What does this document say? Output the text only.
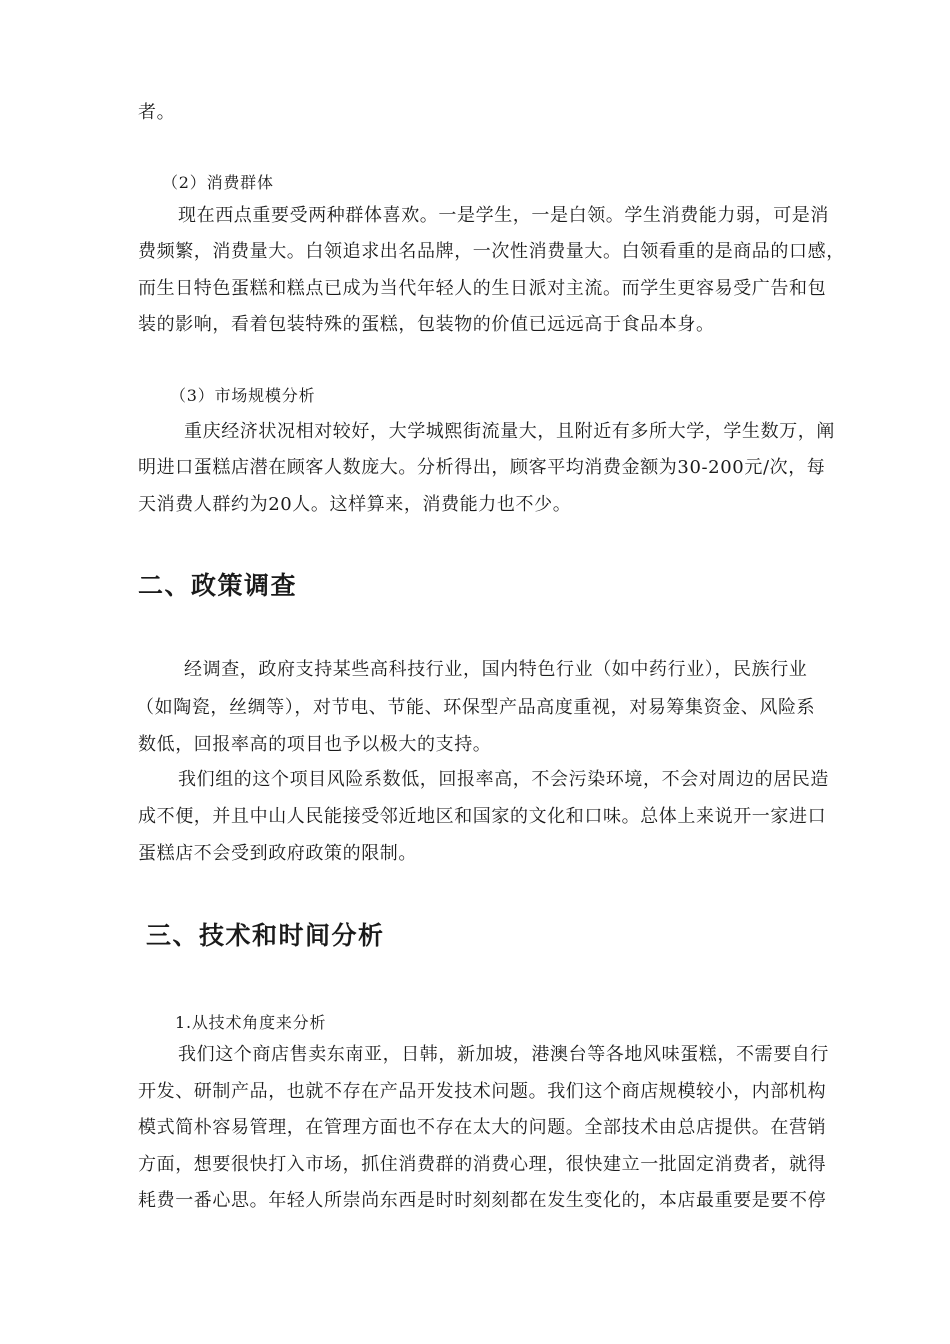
者。
（2）消费群体
现在西点重要受两种群体喜欢。一是学生，一是白领。学生消费能力弱，可是消
费频繁，消费量大。白领追求出名品牌，一次性消费量大。白领看重的是商品的口感，
而生日特色蛋糕和糕点已成为当代年轻人的生日派对主流。而学生更容易受广告和包
装的影响，看着包装特殊的蛋糕，包装物的价值已远远高于食品本身。
（3）市场规模分析
重庆经济状况相对较好，大学城熙街流量大，且附近有多所大学，学生数万，阐
明进口蛋糕店潜在顾客人数庞大。分析得出，顾客平均消费金额为30-200元/次，每
天消费人群约为20人。这样算来，消费能力也不少。
二、政策调查
经调查，政府支持某些高科技行业，国内特色行业（如中药行业），民族行业
（如陶瓷，丝绸等），对节电、节能、环保型产品高度重视，对易筹集资金、风险系
数低，回报率高的项目也予以极大的支持。
我们组的这个项目风险系数低，回报率高，不会污染环境，不会对周边的居民造
成不便，并且中山人民能接受邻近地区和国家的文化和口味。总体上来说开一家进口
蛋糕店不会受到政府政策的限制。
三、技术和时间分析
1.从技术角度来分析
我们这个商店售卖东南亚，日韩，新加坡，港澳台等各地风味蛋糕，不需要自行
开发、研制产品，也就不存在产品开发技术问题。我们这个商店规模较小，内部机构
模式简朴容易管理，在管理方面也不存在太大的问题。全部技术由总店提供。在营销
方面，想要很快打入市场，抓住消费群的消费心理，很快建立一批固定消费者，就得
耗费一番心思。年轻人所崇尚东西是时时刻刻都在发生变化的，本店最重要是要不停
